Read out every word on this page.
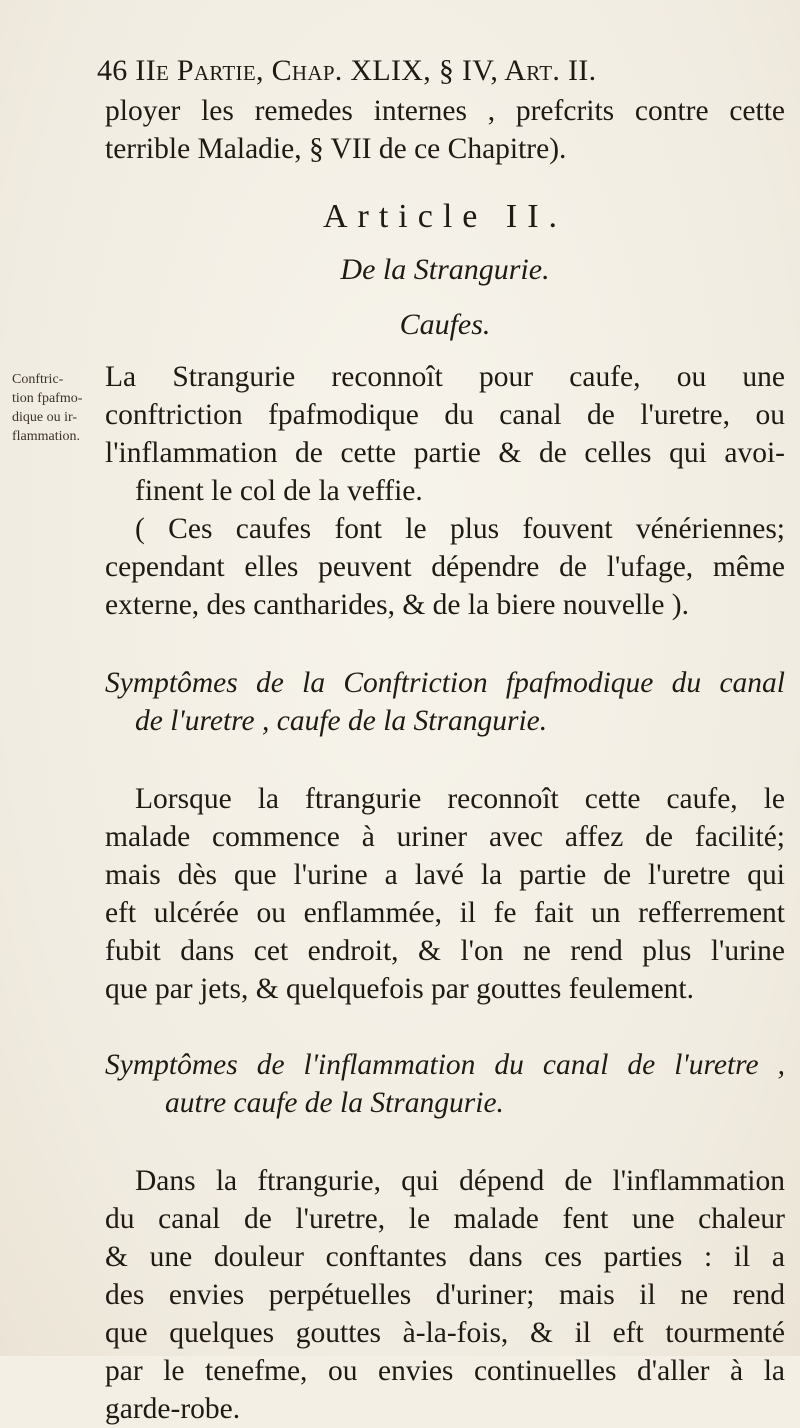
46 IIe Partie, Chap. XLIX, § IV, Art. II.
ployer les remedes internes , prefcrits contre cette
terrible Maladie, § VII de ce Chapitre).
Article II.
De la Strangurie.
Caufes.
Conftric-
tion fpafmo-
dique ou ir-
flammation.
La Strangurie reconnoît pour caufe, ou une
conftriction fpafmodique du canal de l'uretre, ou
l'inflammation de cette partie & de celles qui avoi-
finent le col de la veffie.
( Ces caufes font le plus fouvent vénériennes;
cependant elles peuvent dépendre de l'ufage, même
externe, des cantharides, & de la biere nouvelle ).
Symptômes de la Conftriction fpafmodique du canal
de l'uretre , caufe de la Strangurie.
Lorsque la ftrangurie reconnoît cette caufe, le
malade commence à uriner avec affez de facilité;
mais dès que l'urine a lavé la partie de l'uretre qui
eft ulcérée ou enflammée, il fe fait un refferrement
fubit dans cet endroit, & l'on ne rend plus l'urine
que par jets, & quelquefois par gouttes feulement.
Symptômes de l'inflammation du canal de l'uretre ,
autre caufe de la Strangurie.
Dans la ftrangurie, qui dépend de l'inflammation
du canal de l'uretre, le malade fent une chaleur
& une douleur conftantes dans ces parties : il a
des envies perpétuelles d'uriner; mais il ne rend
que quelques gouttes à-la-fois, & il eft tourmenté
par le tenefme, ou envies continuelles d'aller à la
garde-robe.
